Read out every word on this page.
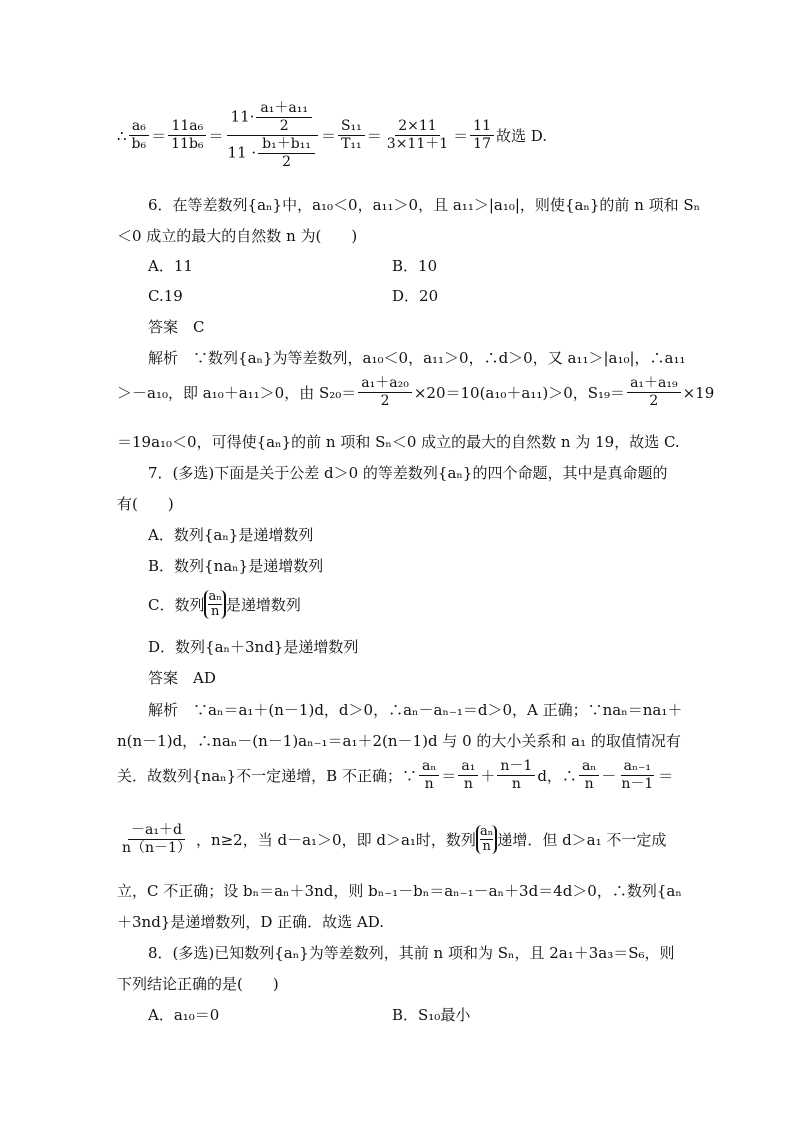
∴ $\frac{\text{a₆}}{\text{b₆}} = \frac{\text{11a₆}}{\text{11b₆}}$ ＝
$11\cdot \frac{\text{a₁＋a₁₁}}{2}$
$11 \cdot \frac{\text{b₁＋b₁₁}}{2} = \frac{\text{S₁₁}}{\text{T₁₁}} = \frac{2\times 11}{3\times 11+1} = \frac{11}{17}$ 故选 D.
6．在等差数列{aₙ}中，a₁₀＜0，a₁₁＞0，且 a₁₁＞|a₁₀|，则使{aₙ}的前 n 项和 Sₙ
＜0 成立的最大的自然数 n 为(　　)
A．11	B．10
C.19	D．20
答案　 C
解析　 ∵数列{aₙ}为等差数列，a₁₀＜0，a₁₁＞0，∴d＞0，又 a₁₁＞|a₁₀|，∴a₁₁
＞－a₁₀，即 a₁₀＋a₁₁＞0，由 $S_{20}= \frac{\text{a₁＋a₂₀}}{2} \times 20=10(a_{10}+a_{11})>0$，$S_{19}= \frac{\text{a₁＋a₁₉}}{2} \times 19$
＝19a₁₀＜0，可得使{aₙ}的前 n 项和 Sₙ＜0 成立的最大的自然数 n 为 19，故选 C.
7．(多选)下面是关于公差 d＞0 的等差数列{aₙ}的四个命题，其中是真命题的
有(　　)
A．数列{aₙ}是递增数列
B．数列{naₙ}是递增数列
C．数列 aₙ
n 是递增数列
D．数列{aₙ＋3nd}是递增数列
答案　 AD
解析　 ∵aₙ＝a₁＋(n－1)d，d＞0，∴aₙ－aₙ₋₁＝d＞0，A 正确；∵naₙ＝na₁＋
n(n－1)d，∴naₙ－(n－1)aₙ₋₁＝a₁＋2(n－1)d 与 0 的大小关系和 a₁ 的取值情况有
关．故数列{naₙ}不一定递增，B 不正确；∵ $\frac{\text{aₙ}}{n} = \frac{\text{a₁}}{n} + \frac{n-1}{n}$ d，∴ $\frac{\text{aₙ}}{n} - \frac{\text{aₙ₋₁}}{n-1}$ ＝
$\frac{\text{－a₁＋d}}{n(n-1)}$ ，n≥2，当 d－a₁＞0，即 d＞a₁时，数列 aₙ
n 递增．但 d＞a₁ 不一定成
立，C 不正确；设 bₙ＝aₙ＋3nd，则 bₙ₋₁－bₙ＝aₙ₋₁－aₙ＋3d＝4d＞0，∴数列{aₙ
＋3nd}是递增数列，D 正确．故选 AD.
8．(多选)已知数列{aₙ}为等差数列，其前 n 项和为 Sₙ，且 2a₁＋3a₃＝S₆，则
下列结论正确的是(　　)
A．a₁₀＝0	B．S₁₀最小
